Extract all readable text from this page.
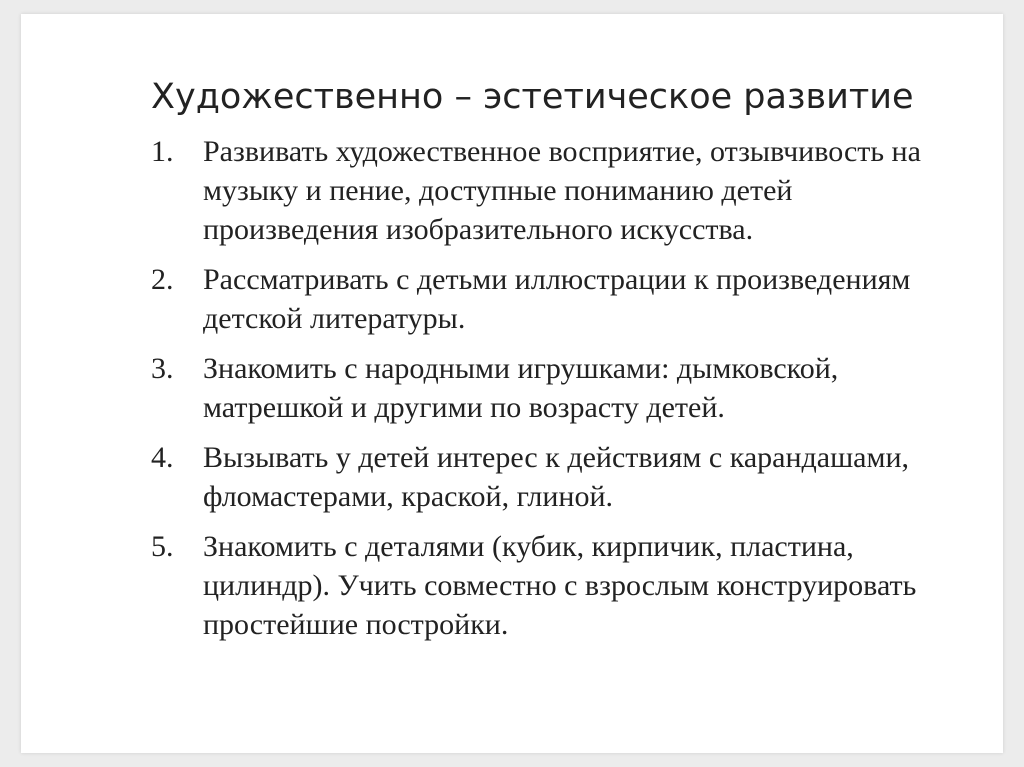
Художественно – эстетическое развитие
1. Развивать художественное восприятие, отзывчивость на музыку и пение, доступные пониманию детей произведения изобразительного искусства.
2. Рассматривать с детьми иллюстрации к произведениям детской литературы.
3. Знакомить с народными игрушками: дымковской, матрешкой и другими по возрасту детей.
4. Вызывать у детей интерес к действиям с карандашами, фломастерами, краской, глиной.
5. Знакомить с деталями (кубик, кирпичик, пластина, цилиндр). Учить совместно с взрослым конструировать простейшие постройки.
